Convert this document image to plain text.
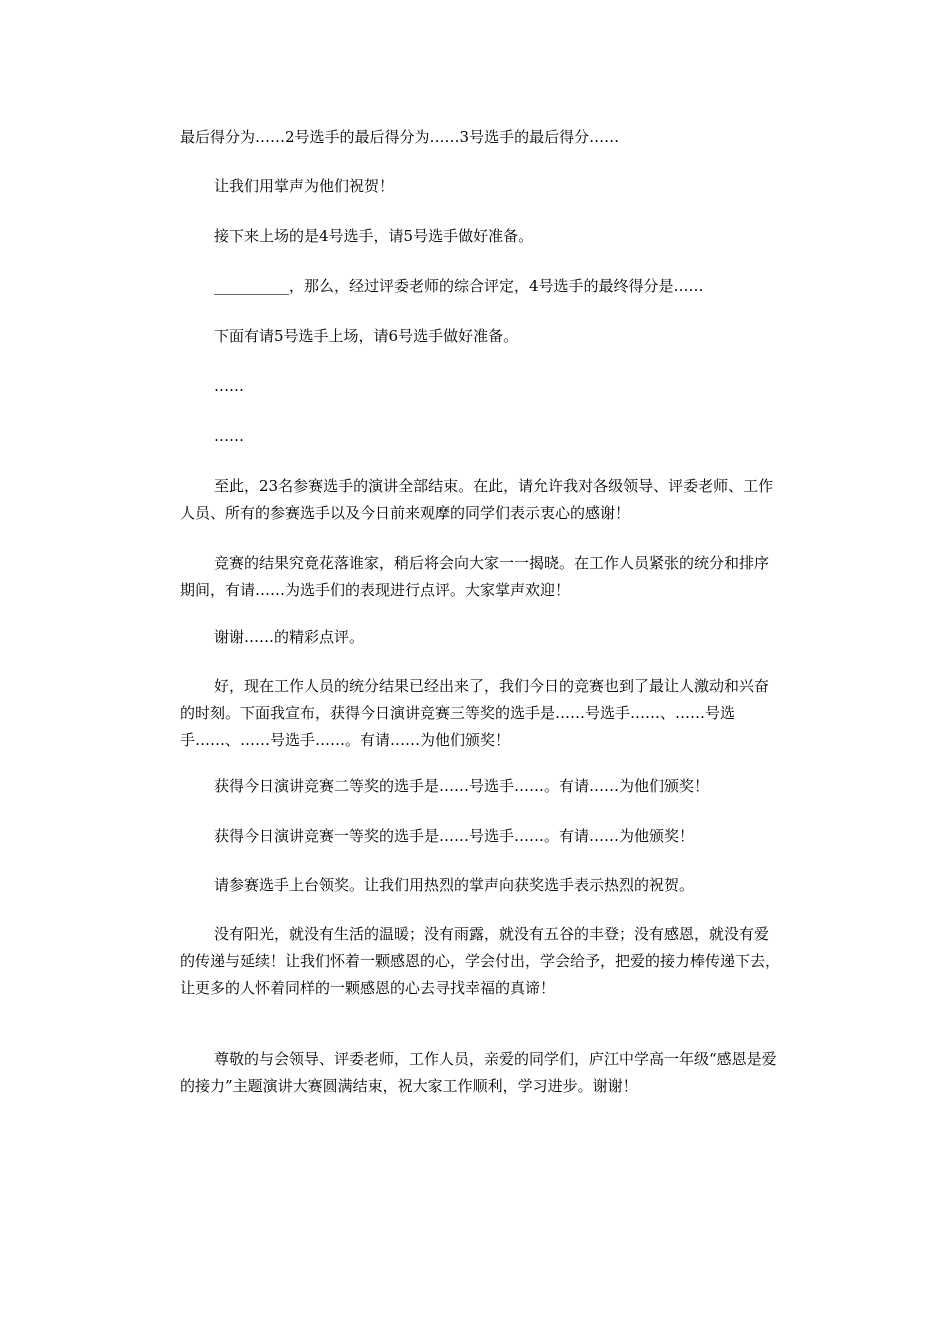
最后得分为……2号选手的最后得分为……3号选手的最后得分……

让我们用掌声为他们祝贺！

接下来上场的是4号选手，请5号选手做好准备。

__________，那么，经过评委老师的综合评定，4号选手的最终得分是……

下面有请5号选手上场，请6号选手做好准备。

……

……

至此，23名参赛选手的演讲全部结束。在此，请允许我对各级领导、评委老师、工作人员、所有的参赛选手以及今日前来观摩的同学们表示衷心的感谢！

竞赛的结果究竟花落谁家，稍后将会向大家一一揭晓。在工作人员紧张的统分和排序期间，有请……为选手们的表现进行点评。大家掌声欢迎！

谢谢……的精彩点评。

好，现在工作人员的统分结果已经出来了，我们今日的竞赛也到了最让人激动和兴奋的时刻。下面我宣布，获得今日演讲竞赛三等奖的选手是……号选手……、……号选手……、……号选手……。有请……为他们颁奖！

获得今日演讲竞赛二等奖的选手是……号选手……。有请……为他们颁奖！

获得今日演讲竞赛一等奖的选手是……号选手……。有请……为他颁奖！

请参赛选手上台领奖。让我们用热烈的掌声向获奖选手表示热烈的祝贺。

没有阳光，就没有生活的温暖；没有雨露，就没有五谷的丰登；没有感恩，就没有爱的传递与延续！让我们怀着一颗感恩的心，学会付出，学会给予，把爱的接力棒传递下去，让更多的人怀着同样的一颗感恩的心去寻找幸福的真谛！

尊敬的与会领导、评委老师，工作人员，亲爱的同学们，庐江中学高一年级“感恩是爱的接力”主题演讲大赛圆满结束，祝大家工作顺利，学习进步。谢谢！
